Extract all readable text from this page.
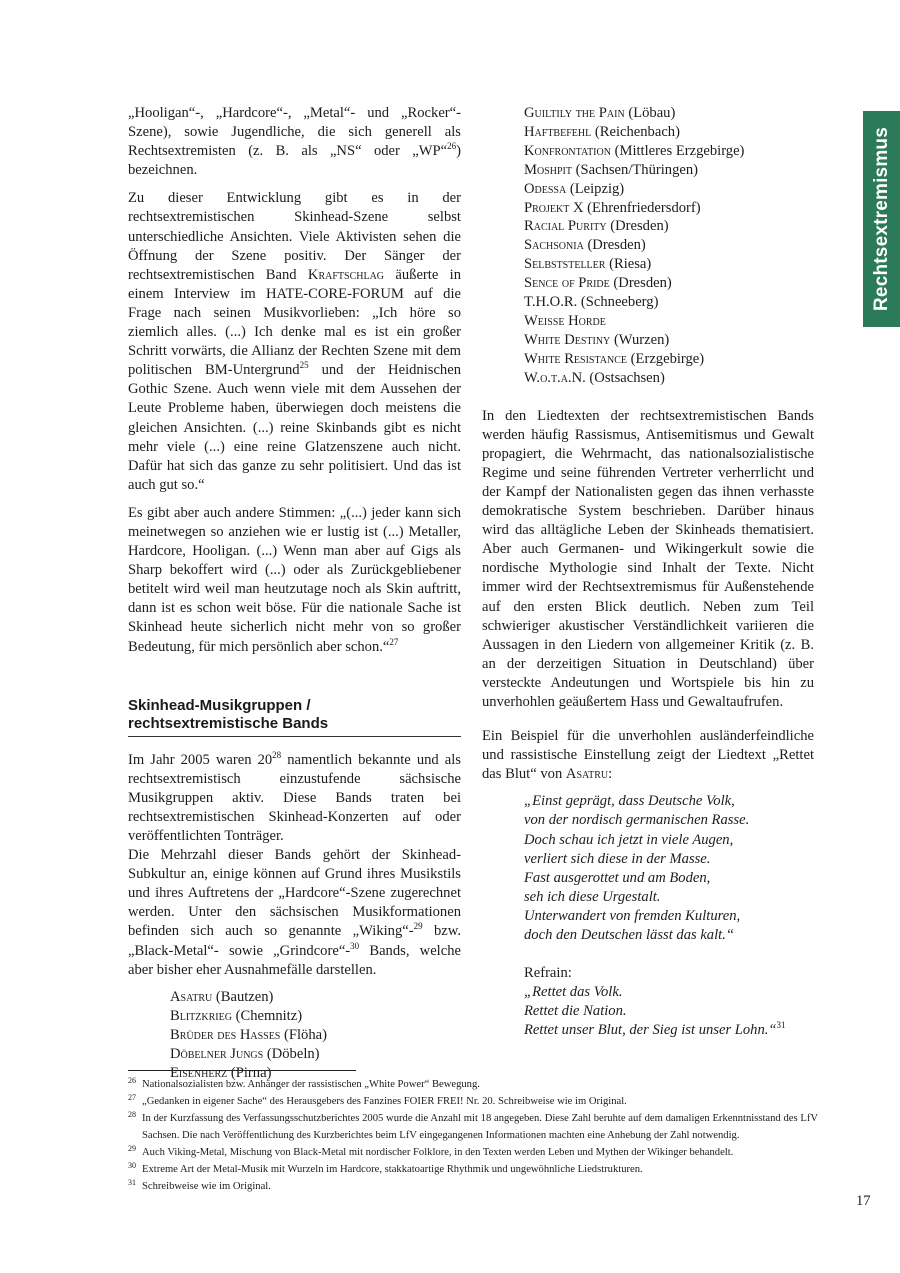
„Hooligan“-, „Hardcore“-, „Metal“- und „Rocker“-Szene), sowie Jugendliche, die sich generell als Rechtsextremisten (z. B. als „NS“ oder „WP“$^{26}$) bezeichnen.

Zu dieser Entwicklung gibt es in der rechtsextremistischen Skinhead-Szene selbst unterschiedliche Ansichten. Viele Aktivisten sehen die Öffnung der Szene positiv. Der Sänger der rechtsextremistischen Band Kraftschlag äußerte in einem Interview im HATE-CORE-FORUM auf die Frage nach seinen Musikvorlieben: „Ich höre so ziemlich alles. (...) Ich denke mal es ist ein großer Schritt vorwärts, die Allianz der Rechten Szene mit dem politischen BM-Untergrund$^{25}$ und der Heidnischen Gothic Szene. Auch wenn viele mit dem Aussehen der Leute Probleme haben, überwiegen doch meistens die gleichen Ansichten. (...) reine Skinbands gibt es nicht mehr viele (...) eine reine Glatzenszene auch nicht. Dafür hat sich das ganze zu sehr politisiert. Und das ist auch gut so.“

Es gibt aber auch andere Stimmen: „(...) jeder kann sich meinetwegen so anziehen wie er lustig ist (...) Metaller, Hardcore, Hooligan. (...) Wenn man aber auf Gigs als Sharp bekoffert wird (...) oder als Zurückgebliebener betitelt wird weil man heutzutage noch als Skin auftritt, dann ist es schon weit böse. Für die nationale Sache ist Skinhead heute sicherlich nicht mehr von so großer Bedeutung, für mich persönlich aber schon.“$^{27}$

Skinhead-Musikgruppen /
rechtsextremistische Bands

Im Jahr 2005 waren $20^{28}$ namentlich bekannte und als rechtsextremistisch einzustufende sächsische Musikgruppen aktiv. Diese Bands traten bei rechtsextremistischen Skinhead-Konzerten auf oder veröffentlichten Tonträger.

Die Mehrzahl dieser Bands gehört der Skinhead-Subkultur an, einige können auf Grund ihres Musikstils und ihres Auftretens der „Hardcore“-Szene zugerechnet werden. Unter den sächsischen Musikformationen befinden sich auch so genannte „Wiking“-$^{29}$ bzw. „Black-Metal“- sowie „Grindcore“-$^{30}$ Bands, welche aber bisher eher Ausnahmefälle darstellen.

Asatru (Bautzen)
Blitzkrieg (Chemnitz)
Brüder des Hasses (Flöha)
Döbelner Jungs (Döbeln)
Eisenherz (Pirna)
Guiltily the Pain (Löbau)
Haftbefehl (Reichenbach)
Konfrontation (Mittleres Erzgebirge)
Moshpit (Sachsen/Thüringen)
Odessa (Leipzig)
Projekt X (Ehrenfriedersdorf)
Racial Purity (Dresden)
Sachsonia (Dresden)
Selbststeller (Riesa)
Sence of Pride (Dresden)
T.H.O.R. (Schneeberg)
Weiße Horde
White Destiny (Wurzen)
White Resistance (Erzgebirge)
W.o.t.a.N. (Ostsachsen)

In den Liedtexten der rechtsextremistischen Bands werden häufig Rassismus, Antisemitismus und Gewalt propagiert, die Wehrmacht, das nationalsozialistische Regime und seine führenden Vertreter verherrlicht und der Kampf der Nationalisten gegen das ihnen verhasste demokratische System beschrieben. Darüber hinaus wird das alltägliche Leben der Skinheads thematisiert. Aber auch Germanen- und Wikingerkult sowie die nordische Mythologie sind Inhalt der Texte. Nicht immer wird der Rechtsextremismus für Außenstehende auf den ersten Blick deutlich. Neben zum Teil schwieriger akustischer Verständlichkeit variieren die Aussagen in den Liedern von allgemeiner Kritik (z. B. an der derzeitigen Situation in Deutschland) über versteckte Andeutungen und Wortspiele bis hin zu unverhohlen geäußertem Hass und Gewaltaufrufen.

Ein Beispiel für die unverhohlen ausländerfeindliche und rassistische Einstellung zeigt der Liedtext „Rettet das Blut“ von Asatru:

„Einst geprägt, dass Deutsche Volk,
von der nordisch germanischen Rasse.
Doch schau ich jetzt in viele Augen,
verliert sich diese in der Masse.
Fast ausgerottet und am Boden,
seh ich diese Urgestalt.
Unterwandert von fremden Kulturen,
doch den Deutschen lässt das kalt.“
Refrain:
„Rettet das Volk.
Rettet die Nation.
Rettet unser Blut, der Sieg ist unser Lohn.“$^{31}$
Rechtsextremismus
$^{26}$ Nationalsozialisten bzw. Anhänger der rassistischen „White Power“ Bewegung.
$^{27}$ „Gedanken in eigener Sache“ des Herausgebers des Fanzines FOIER FREI! Nr. 20. Schreibweise wie im Original.
$^{28}$ In der Kurzfassung des Verfassungsschutzberichtes 2005 wurde die Anzahl mit 18 angegeben. Diese Zahl beruhte auf dem damaligen Erkenntnisstand des LfV Sachsen. Die nach Veröffentlichung des Kurzberichtes beim LfV eingegangenen Informationen machten eine Anhebung der Zahl notwendig.
$^{29}$ Auch Viking-Metal, Mischung von Black-Metal mit nordischer Folklore, in den Texten werden Leben und Mythen der Wikinger behandelt.
$^{30}$ Extreme Art der Metal-Musik mit Wurzeln im Hardcore, stakkatoartige Rhythmik und ungewöhnliche Liedstrukturen.
$^{31}$ Schreibweise wie im Original.
17
